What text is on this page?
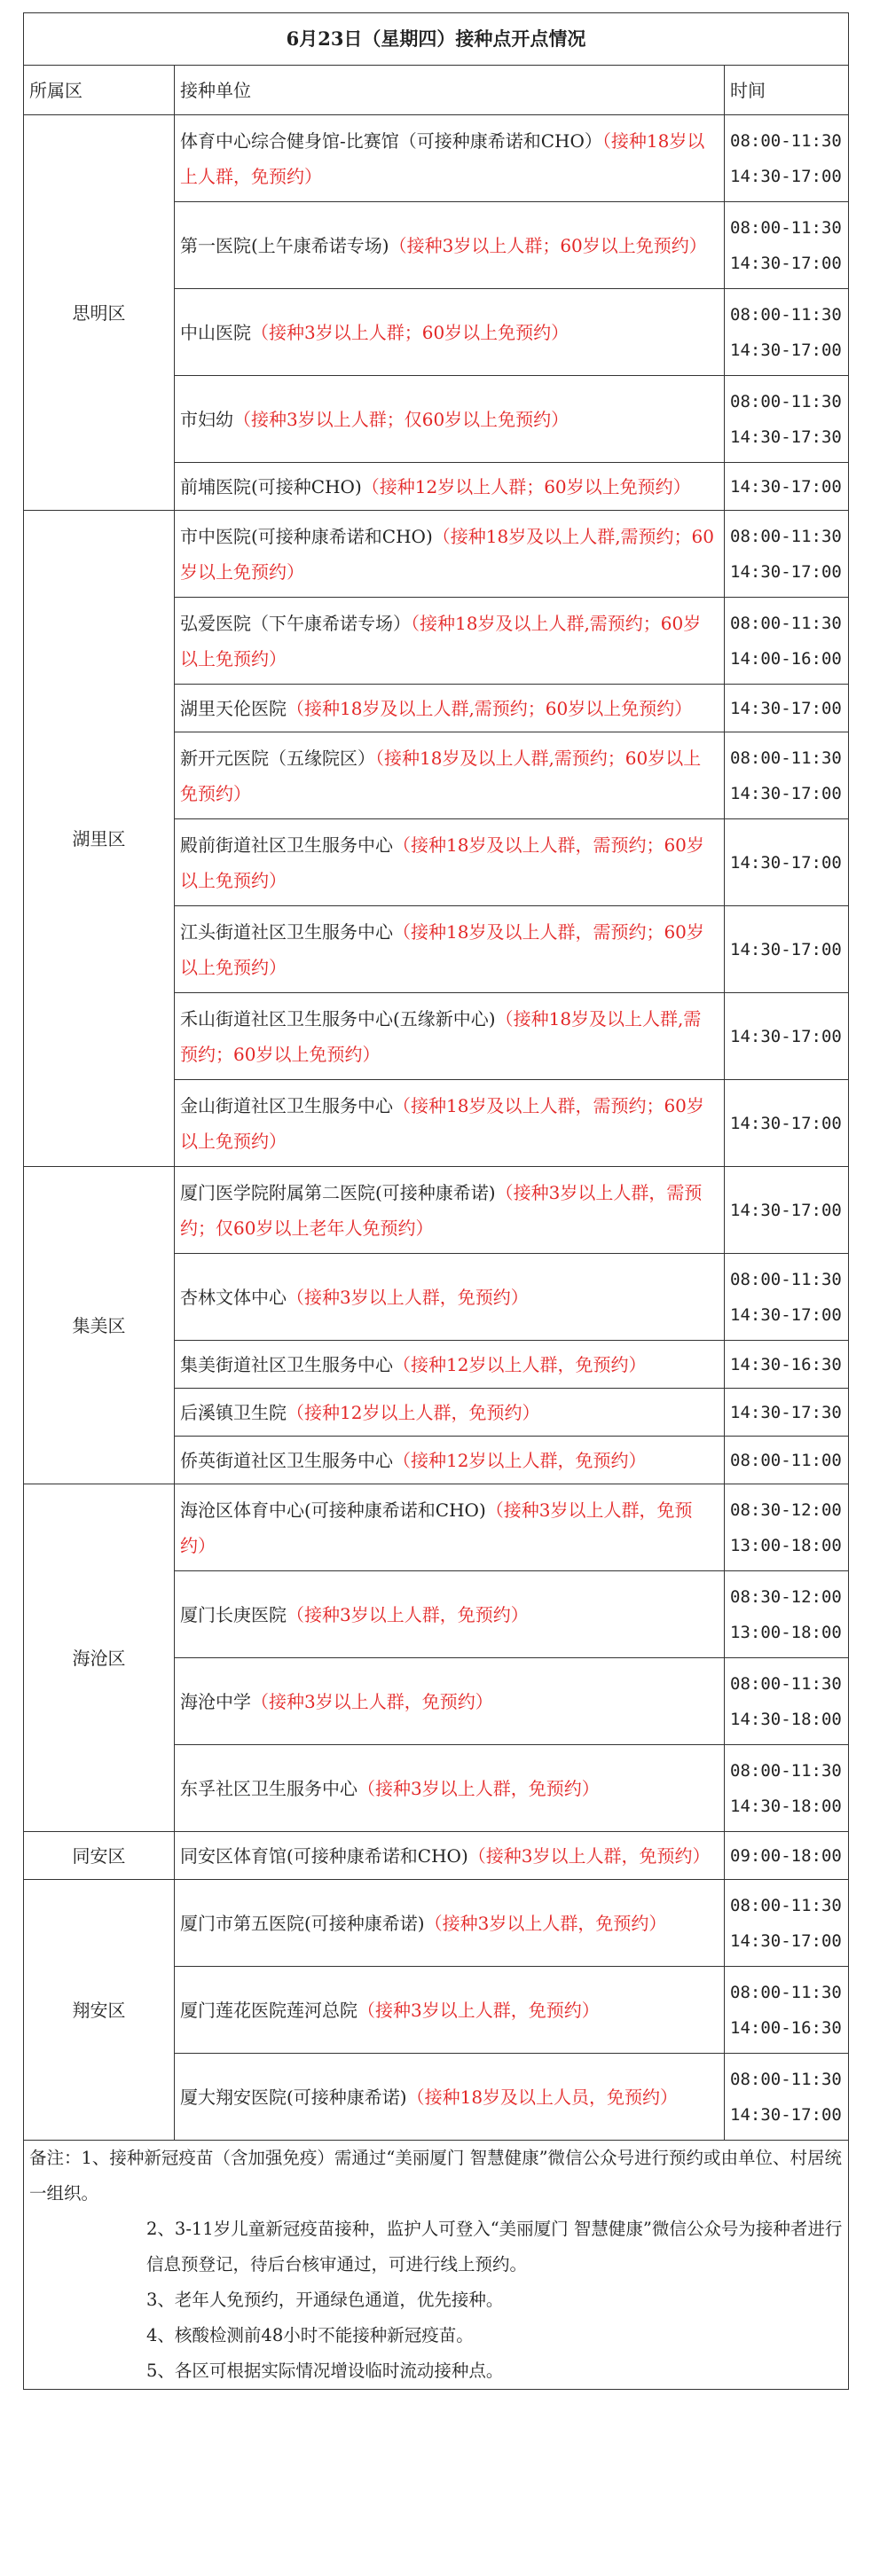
6月23日（星期四）接种点开点情况		
所属区	接种单位	时间
思明区	体育中心综合健身馆-比赛馆（可接种康希诺和CHO）（接种18岁以上人群，免预约）	08:00-11:30
14:30-17:00
	第一医院(上午康希诺专场)（接种3岁以上人群；60岁以上免预约）	08:00-11:30
14:30-17:00
	中山医院（接种3岁以上人群；60岁以上免预约）	08:00-11:30
14:30-17:00
	市妇幼（接种3岁以上人群；仅60岁以上免预约）	08:00-11:30
14:30-17:30
	前埔医院(可接种CHO)（接种12岁以上人群；60岁以上免预约）	14:30-17:00
湖里区	市中医院(可接种康希诺和CHO)（接种18岁及以上人群,需预约；60岁以上免预约）	08:00-11:30
14:30-17:00
	弘爱医院（下午康希诺专场）（接种18岁及以上人群,需预约；60岁以上免预约）	08:00-11:30
14:00-16:00
	湖里天伦医院（接种18岁及以上人群,需预约；60岁以上免预约）	14:30-17:00
	新开元医院（五缘院区）（接种18岁及以上人群,需预约；60岁以上免预约）	08:00-11:30
14:30-17:00
	殿前街道社区卫生服务中心（接种18岁及以上人群，需预约；60岁以上免预约）	14:30-17:00
	江头街道社区卫生服务中心（接种18岁及以上人群，需预约；60岁以上免预约）	14:30-17:00
	禾山街道社区卫生服务中心(五缘新中心)（接种18岁及以上人群,需预约；60岁以上免预约）	14:30-17:00
	金山街道社区卫生服务中心（接种18岁及以上人群，需预约；60岁以上免预约）	14:30-17:00
集美区	厦门医学院附属第二医院(可接种康希诺)（接种3岁以上人群，需预约；仅60岁以上老年人免预约）	14:30-17:00
	杏林文体中心（接种3岁以上人群，免预约）	08:00-11:30
14:30-17:00
	集美街道社区卫生服务中心（接种12岁以上人群，免预约）	14:30-16:30
	后溪镇卫生院（接种12岁以上人群，免预约）	14:30-17:30
	侨英街道社区卫生服务中心（接种12岁以上人群，免预约）	08:00-11:00
海沧区	海沧区体育中心(可接种康希诺和CHO)（接种3岁以上人群，免预约）	08:30-12:00
13:00-18:00
	厦门长庚医院（接种3岁以上人群，免预约）	08:30-12:00
13:00-18:00
	海沧中学（接种3岁以上人群，免预约）	08:00-11:30
14:30-18:00
	东孚社区卫生服务中心（接种3岁以上人群，免预约）	08:00-11:30
14:30-18:00
同安区	同安区体育馆(可接种康希诺和CHO)（接种3岁以上人群，免预约）	09:00-18:00
翔安区	厦门市第五医院(可接种康希诺)（接种3岁以上人群，免预约）	08:00-11:30
14:30-17:00
	厦门莲花医院莲河总院（接种3岁以上人群，免预约）	08:00-11:30
14:00-16:30
	厦大翔安医院(可接种康希诺)（接种18岁及以上人员，免预约）	08:00-11:30
14:30-17:00

备注：1、接种新冠疫苗（含加强免疫）需通过“美丽厦门 智慧健康”微信公众号进行预约或由单位、村居统一组织。
2、3-11岁儿童新冠疫苗接种，监护人可登入“美丽厦门 智慧健康”微信公众号为接种者进行信息预登记，待后台核审通过，可进行线上预约。
3、老年人免预约，开通绿色通道，优先接种。
4、核酸检测前48小时不能接种新冠疫苗。
5、各区可根据实际情况增设临时流动接种点。		
